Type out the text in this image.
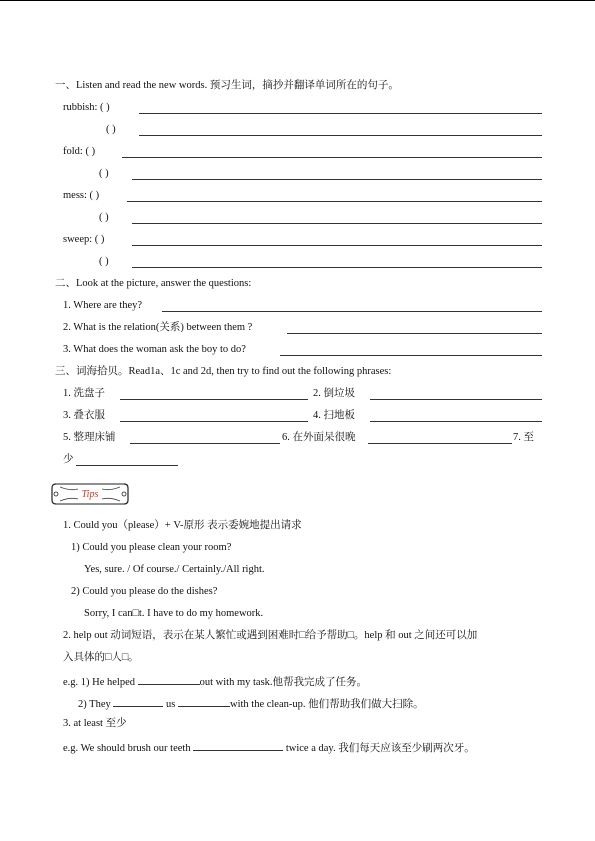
一、Listen and read the new words. 预习生词，摘抄并翻译单词所在的句子。
rubbish: ( )
( )
fold: ( )
( )
mess: ( )
( )
sweep: ( )
( )
二、Look at the picture, answer the questions:
1. Where are they?
2. What is the relation(关系) between them ?
3. What does the woman ask the boy to do?
三、词海拾贝。Read1a、1c and 2d, then try to find out the following phrases:
1. 洗盘子	2. 倒垃圾
3. 叠衣服	4. 扫地板
5. 整理床铺	6. 在外面呆很晚	7. 至
少
Tips
1. Could you（please）+ V-原形 表示委婉地提出请求
1) Could you please clean your room?
Yes, sure. / Of course./ Certainly./All right.
2) Could you please do the dishes?
Sorry, I can□t. I have to do my homework.
2. help out 动词短语，表示在某人繁忙或遇到困难时□给予帮助□。help 和 out 之间还可以加
入具体的□人□。
e.g. 1) He helped	out with my task.他帮我完成了任务。
2) They	us	with the clean-up. 他们帮助我们做大扫除。
3. at least 至少
e.g. We should brush our teeth	twice a day. 我们每天应该至少刷两次牙。
